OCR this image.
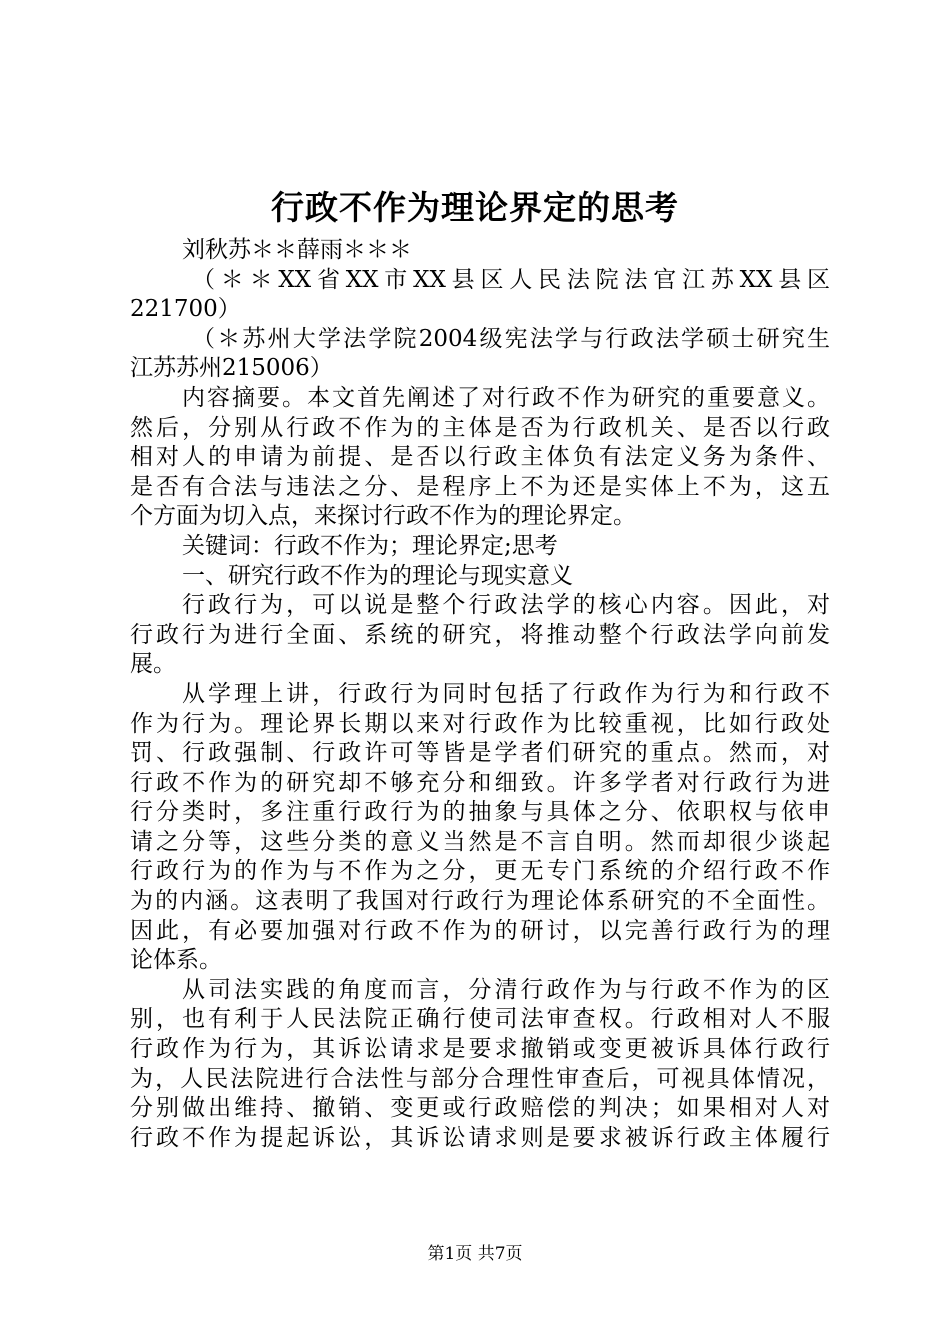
行政不作为理论界定的思考
刘秋苏＊＊薛雨＊＊＊
（＊＊XX省XX市XX县区人民法院法官江苏XX县区
221700）
（＊苏州大学法学院2004级宪法学与行政法学硕士研究生
江苏苏州215006）
内容摘要。本文首先阐述了对行政不作为研究的重要意义。
然后，分别从行政不作为的主体是否为行政机关、是否以行政
相对人的申请为前提、是否以行政主体负有法定义务为条件、
是否有合法与违法之分、是程序上不为还是实体上不为，这五
个方面为切入点，来探讨行政不作为的理论界定。
关键词：行政不作为；理论界定;思考
一、研究行政不作为的理论与现实意义
行政行为，可以说是整个行政法学的核心内容。因此，对
行政行为进行全面、系统的研究，将推动整个行政法学向前发
展。
从学理上讲，行政行为同时包括了行政作为行为和行政不
作为行为。理论界长期以来对行政作为比较重视，比如行政处
罚、行政强制、行政许可等皆是学者们研究的重点。然而，对
行政不作为的研究却不够充分和细致。许多学者对行政行为进
行分类时，多注重行政行为的抽象与具体之分、依职权与依申
请之分等，这些分类的意义当然是不言自明。然而却很少谈起
行政行为的作为与不作为之分，更无专门系统的介绍行政不作
为的内涵。这表明了我国对行政行为理论体系研究的不全面性。
因此，有必要加强对行政不作为的研讨，以完善行政行为的理
论体系。
从司法实践的角度而言，分清行政作为与行政不作为的区
别，也有利于人民法院正确行使司法审查权。行政相对人不服
行政作为行为，其诉讼请求是要求撤销或变更被诉具体行政行
为，人民法院进行合法性与部分合理性审查后，可视具体情况，
分别做出维持、撤销、变更或行政赔偿的判决；如果相对人对
行政不作为提起诉讼，其诉讼请求则是要求被诉行政主体履行
第1页 共7页
